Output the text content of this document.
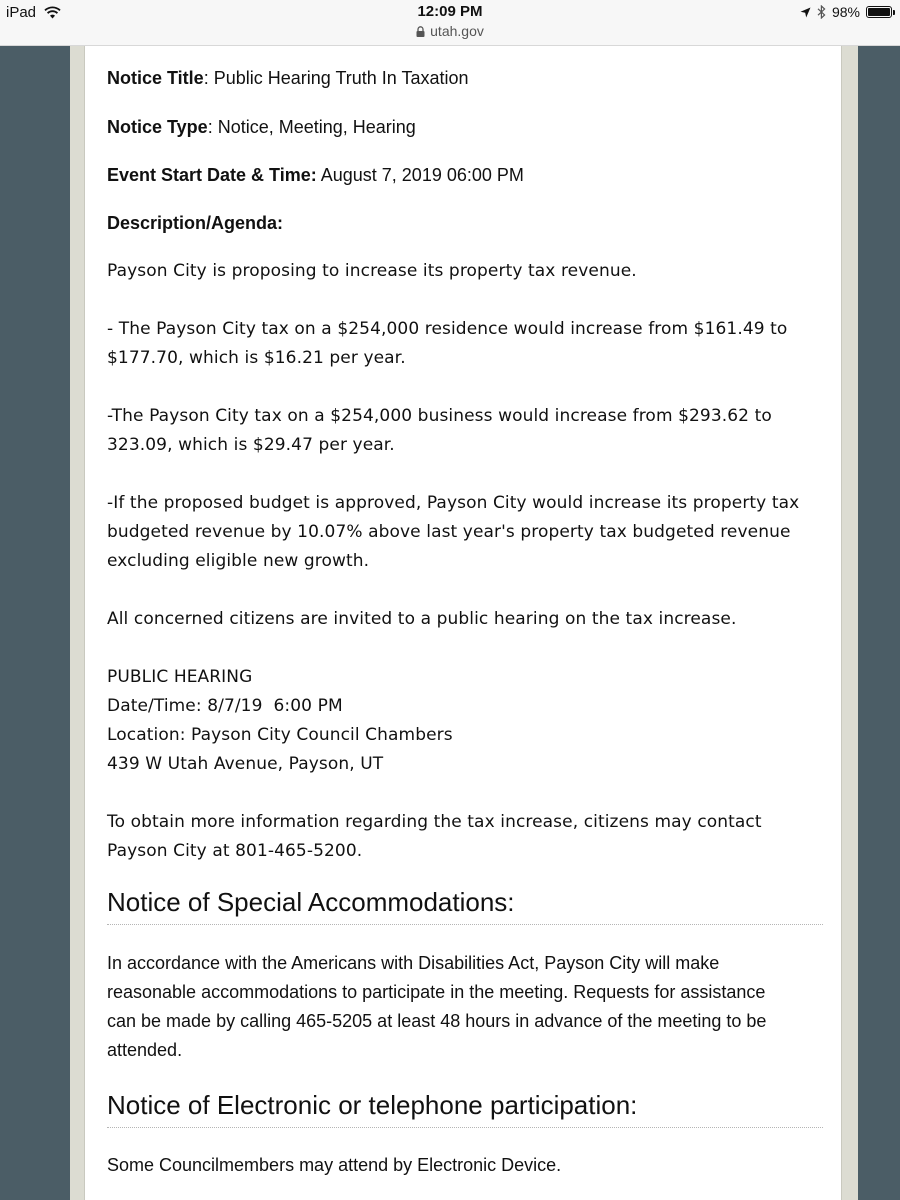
iPad	12:09 PM
utah.gov
98%
Notice Title: Public Hearing Truth In Taxation
Notice Type: Notice, Meeting, Hearing
Event Start Date & Time: August 7, 2019 06:00 PM
Description/Agenda:

Payson City is proposing to increase its property tax revenue.

- The Payson City tax on a $254,000 residence would increase from $161.49 to

$177.70, which is $16.21 per year.

-The Payson City tax on a $254,000 business would increase from $293.62 to

323.09, which is $29.47 per year.

-If the proposed budget is approved, Payson City would increase its property tax

budgeted revenue by 10.07% above last year's property tax budgeted revenue

excluding eligible new growth.

All concerned citizens are invited to a public hearing on the tax increase.

PUBLIC HEARING

Date/Time: 8/7/19  6:00 PM

Location: Payson City Council Chambers

439 W Utah Avenue, Payson, UT

To obtain more information regarding the tax increase, citizens may contact

Payson City at 801-465-5200.

Notice of Special Accommodations:
In accordance with the Americans with Disabilities Act, Payson City will make
reasonable accommodations to participate in the meeting. Requests for assistance
can be made by calling 465-5205 at least 48 hours in advance of the meeting to be
attended.
Notice of Electronic or telephone participation:
Some Councilmembers may attend by Electronic Device.
